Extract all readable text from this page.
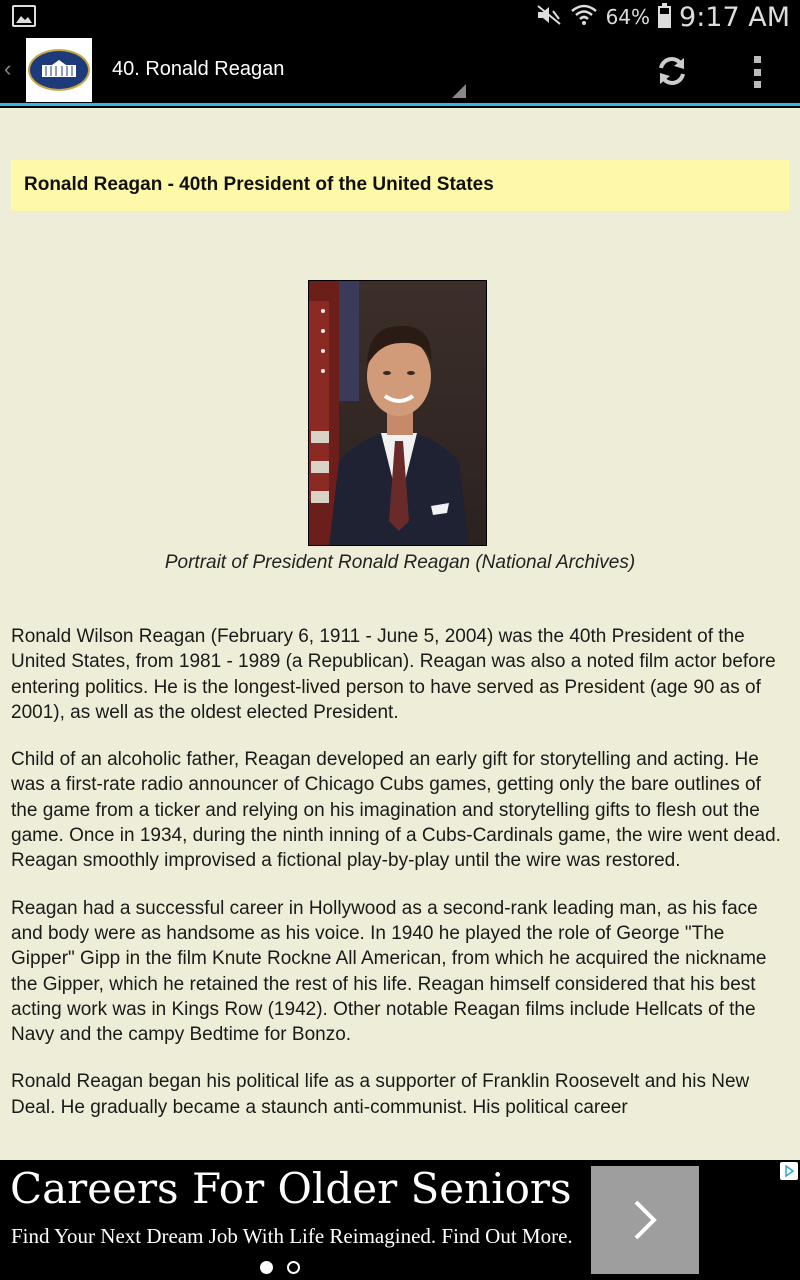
64% 9:17 AM
‹	40. Ronald Reagan
Ronald Reagan - 40th President of the United States
Portrait of President Ronald Reagan (National Archives)

Ronald Wilson Reagan (February 6, 1911 - June 5, 2004) was the 40th President of the United States, from 1981 - 1989 (a Republican). Reagan was also a noted film actor before entering politics. He is the longest-lived person to have served as President (age 90 as of 2001), as well as the oldest elected President.

Child of an alcoholic father, Reagan developed an early gift for storytelling and acting. He was a first-rate radio announcer of Chicago Cubs games, getting only the bare outlines of the game from a ticker and relying on his imagination and storytelling gifts to flesh out the game. Once in 1934, during the ninth inning of a Cubs-Cardinals game, the wire went dead. Reagan smoothly improvised a fictional play-by-play until the wire was restored.

Reagan had a successful career in Hollywood as a second-rank leading man, as his face and body were as handsome as his voice. In 1940 he played the role of George "The Gipper" Gipp in the film Knute Rockne All American, from which he acquired the nickname the Gipper, which he retained the rest of his life. Reagan himself considered that his best acting work was in Kings Row (1942). Other notable Reagan films include Hellcats of the Navy and the campy Bedtime for Bonzo.

Ronald Reagan began his political life as a supporter of Franklin Roosevelt and his New Deal. He gradually became a staunch anti-communist. His political career

Careers For Older Seniors
Find Your Next Dream Job With Life Reimagined. Find Out More.
